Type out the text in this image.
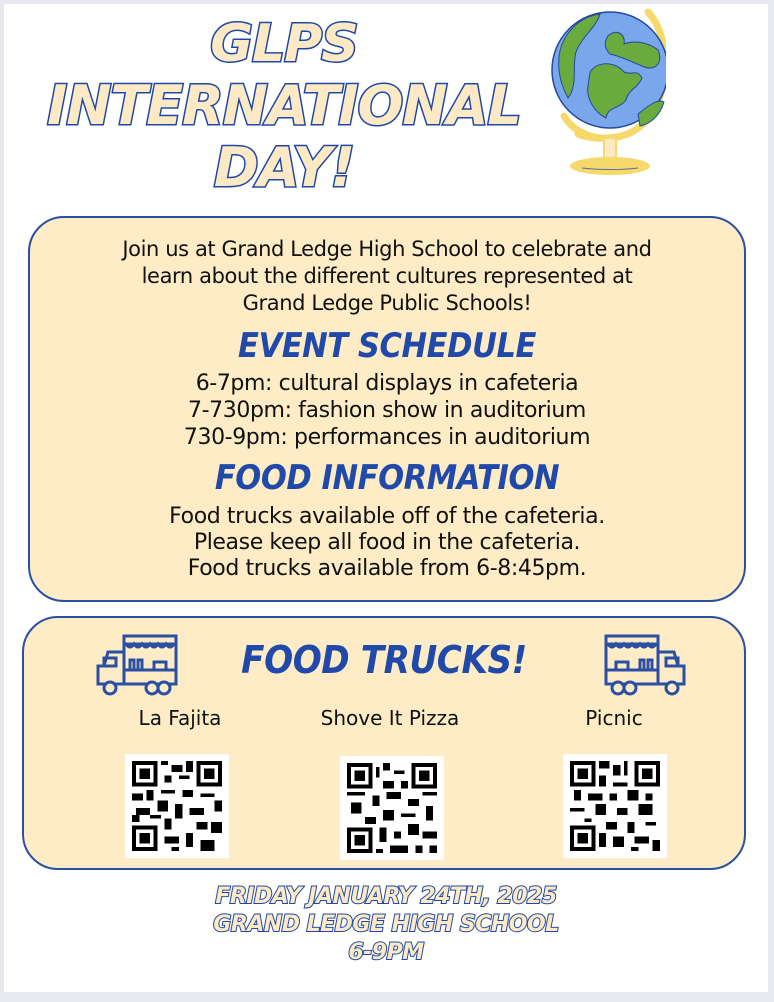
GLPS
INTERNATIONAL
DAY!
Join us at Grand Ledge High School to celebrate and
learn about the different cultures represented at
Grand Ledge Public Schools!
EVENT SCHEDULE
6-7pm: cultural displays in cafeteria
7-730pm: fashion show in auditorium
730-9pm: performances in auditorium
FOOD INFORMATION
Food trucks available off of the cafeteria.
Please keep all food in the cafeteria.
Food trucks available from 6-8:45pm.
FOOD TRUCKS!
La Fajita	Shove It Pizza	Picnic
FRIDAY JANUARY 24TH, 2025
GRAND LEDGE HIGH SCHOOL
6-9PM
